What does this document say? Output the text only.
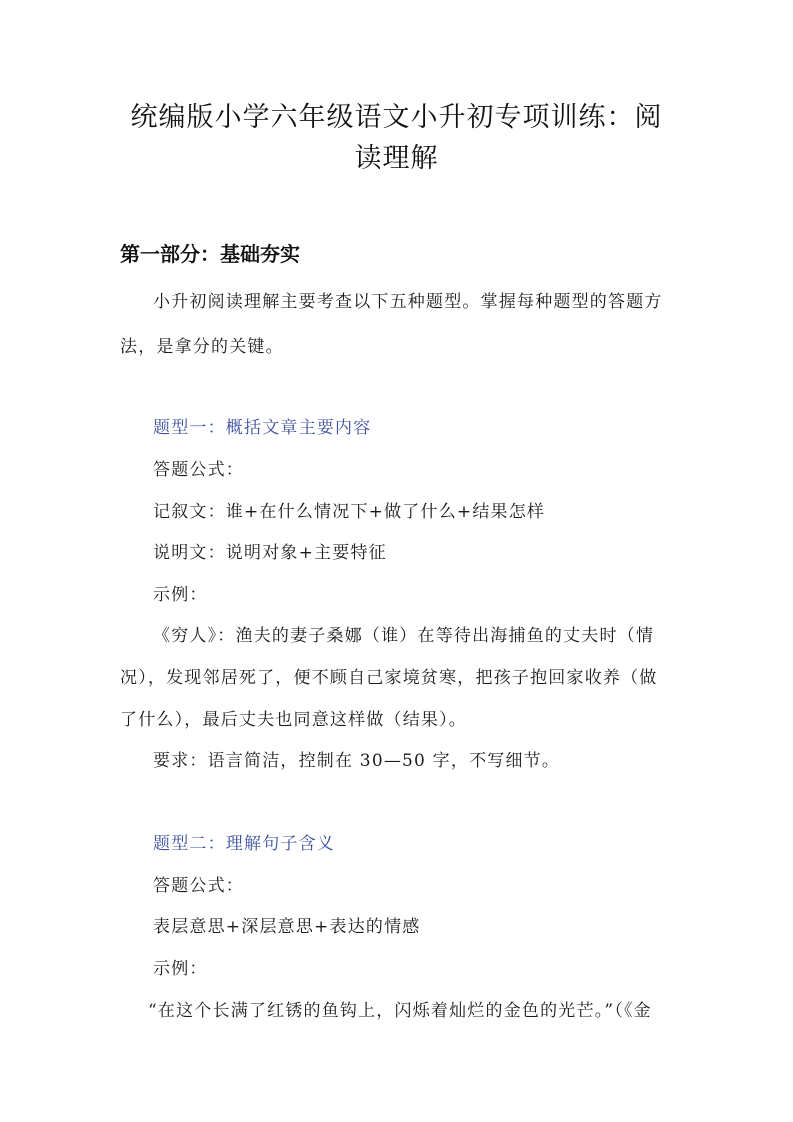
统编版小学六年级语文小升初专项训练：阅
读理解
第一部分：基础夯实
小升初阅读理解主要考查以下五种题型。掌握每种题型的答题方
法，是拿分的关键。
题型一：概括文章主要内容
答题公式：
记叙文：谁+在什么情况下+做了什么+结果怎样
说明文：说明对象+主要特征
示例：
《穷人》：渔夫的妻子桑娜（谁）在等待出海捕鱼的丈夫时（情
况），发现邻居死了，便不顾自己家境贫寒，把孩子抱回家收养（做
了什么），最后丈夫也同意这样做（结果）。
要求：语言简洁，控制在 30—50 字，不写细节。
题型二：理解句子含义
答题公式：
表层意思+深层意思+表达的情感
示例：
“在这个长满了红锈的鱼钩上，闪烁着灿烂的金色的光芒。”（《金
